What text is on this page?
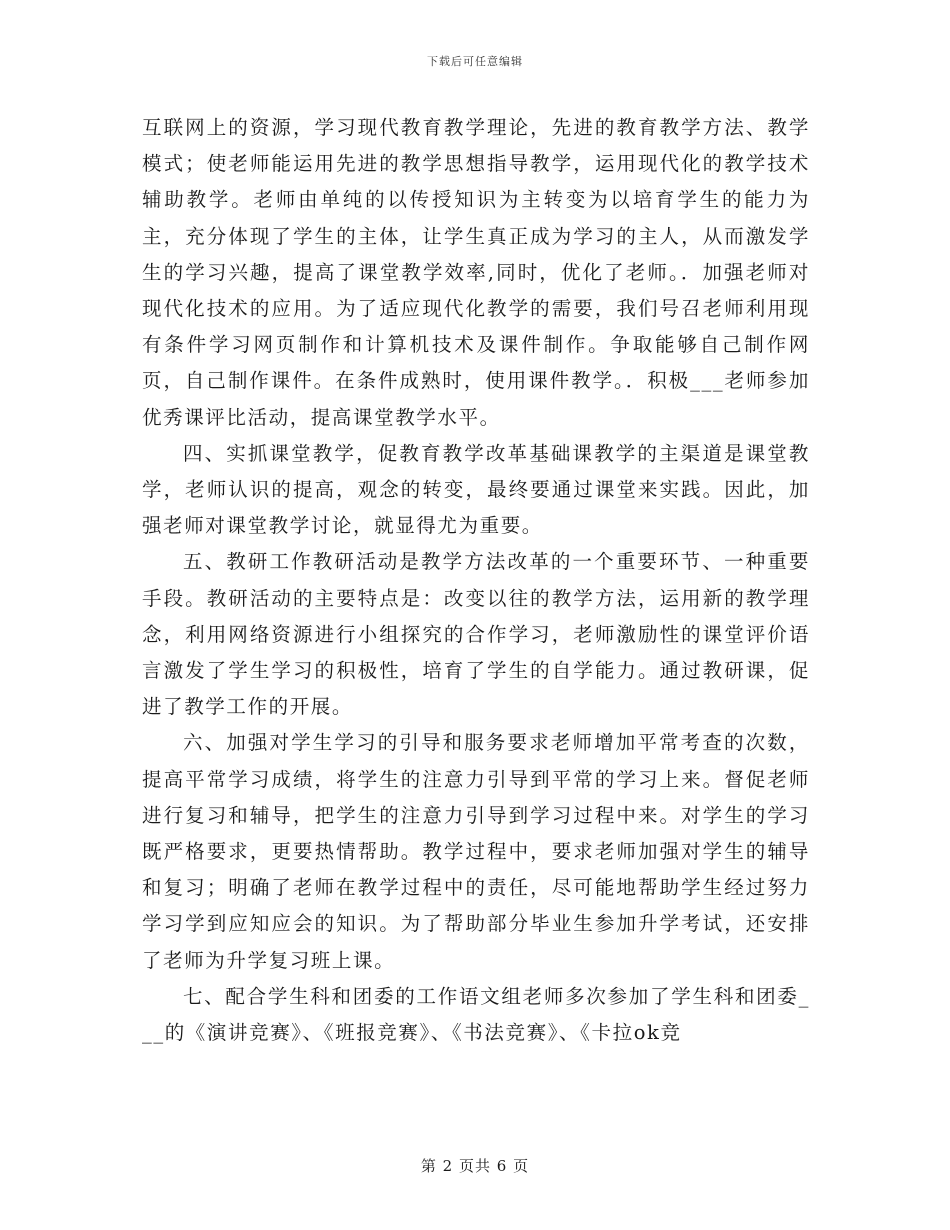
下载后可任意编辑

互联网上的资源，学习现代教育教学理论，先进的教育教学方法、教学模式；使老师能运用先进的教学思想指导教学，运用现代化的教学技术辅助教学。老师由单纯的以传授知识为主转变为以培育学生的能力为主，充分体现了学生的主体，让学生真正成为学习的主人，从而激发学生的学习兴趣，提高了课堂教学效率,同时，优化了老师。．加强老师对现代化技术的应用。为了适应现代化教学的需要，我们号召老师利用现有条件学习网页制作和计算机技术及课件制作。争取能够自己制作网页，自己制作课件。在条件成熟时，使用课件教学。．积极___老师参加优秀课评比活动，提高课堂教学水平。

四、实抓课堂教学，促教育教学改革基础课教学的主渠道是课堂教学，老师认识的提高，观念的转变，最终要通过课堂来实践。因此，加强老师对课堂教学讨论，就显得尤为重要。

五、教研工作教研活动是教学方法改革的一个重要环节、一种重要手段。教研活动的主要特点是：改变以往的教学方法，运用新的教学理念，利用网络资源进行小组探究的合作学习，老师激励性的课堂评价语言激发了学生学习的积极性，培育了学生的自学能力。通过教研课，促进了教学工作的开展。

六、加强对学生学习的引导和服务要求老师增加平常考查的次数，提高平常学习成绩，将学生的注意力引导到平常的学习上来。督促老师进行复习和辅导，把学生的注意力引导到学习过程中来。对学生的学习既严格要求，更要热情帮助。教学过程中，要求老师加强对学生的辅导和复习；明确了老师在教学过程中的责任，尽可能地帮助学生经过努力学习学到应知应会的知识。为了帮助部分毕业生参加升学考试，还安排了老师为升学复习班上课。

七、配合学生科和团委的工作语文组老师多次参加了学生科和团委___的《演讲竞赛》、《班报竞赛》、《书法竞赛》、《卡拉ok竞

第 2 页共 6 页
